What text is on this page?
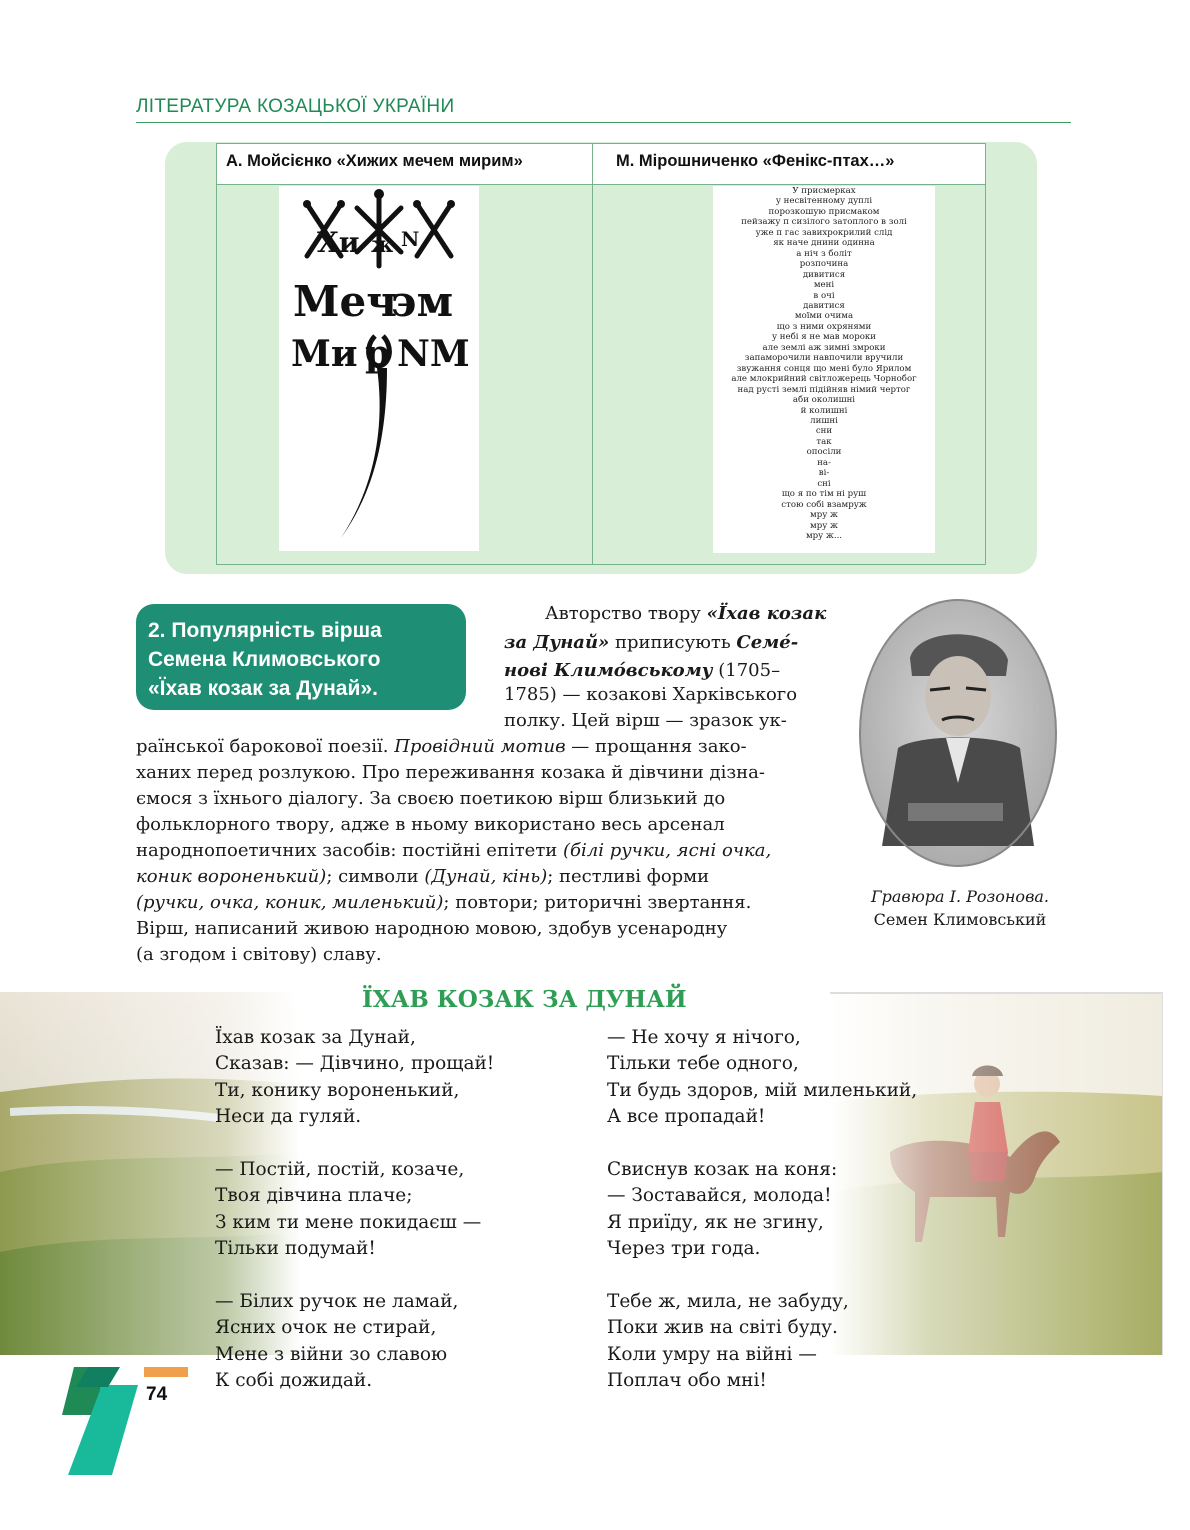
ЛІТЕРАТУРА КОЗАЦЬКОЇ УКРАЇНИ
А. Мойсієнко «Хижих мечем мирим»	М. Мірошниченко «Фенікс-птах…»
Хи ж N
Меч
эм
Ми р NМ
У присмерках
у несвітенному дуплі
порозкошую присмаком
пейзажу п сизілого затоплого в золі
уже п гас завихрокрилий слід
як наче днини одинна
а ніч з боліт
розпочина
дивитися
мені
в очі
давитися
моїми очима
що з ними охрянями
у небі я не мав мороки
але землі аж зимні змроки
запаморочили навпочили вручили
звужання сонця що мені було Ярилом
але млокрийний світложерець Чорнобог
над русті землі підійняв німий чертог
аби околишні
й колишні
лишні
сни
так
опосіли
на-
ві-
сні
що я по тім ні руш
стою собі взамруж
мру ж
мру ж
мру ж...
2. Популярність вірша
Семена Климовського
«Їхав козак за Дунай».
Авторство твору «Їхав козак
за Дунай» приписують Семе́-
нові Климо́вському (1705–
1785) — козакові Харківського
полку. Цей вірш — зразок ук-
раїнської барокової поезії. Провідний мотив — прощання зако-
ханих перед розлукою. Про переживання козака й дівчини дізна-
ємося з їхнього діалогу. За своєю поетикою вірш близький до
фольклорного твору, адже в ньому використано весь арсенал
народнопоетичних засобів: постійні епітети (білі ручки, ясні очка,
коник вороненький); символи (Дунай, кінь); пестливі форми
(ручки, очка, коник, миленький); повтори; риторичні звертання.
Вірш, написаний живою народною мовою, здобув усенародну
(а згодом і світову) славу.
Гравюра І. Розонова.
Семен Климовський
ЇХАВ КОЗАК ЗА ДУНАЙ
Їхав козак за Дунай,
Сказав: — Дівчино, прощай!
Ти, конику вороненький,
Неси да гуляй.
— Постій, постій, козаче,
Твоя дівчина плаче;
З ким ти мене покидаєш —
Тільки подумай!
— Білих ручок не ламай,
Ясних очок не стирай,
Мене з війни зо славою
К собі дожидай.
— Не хочу я нічого,
Тільки тебе одного,
Ти будь здоров, мій миленький,
А все пропадай!
Свиснув козак на коня:
— Зоставайся, молода!
Я приїду, як не згину,
Через три года.
Тебе ж, мила, не забуду,
Поки жив на світі буду.
Коли умру на війні —
Поплач обо мні!
74
